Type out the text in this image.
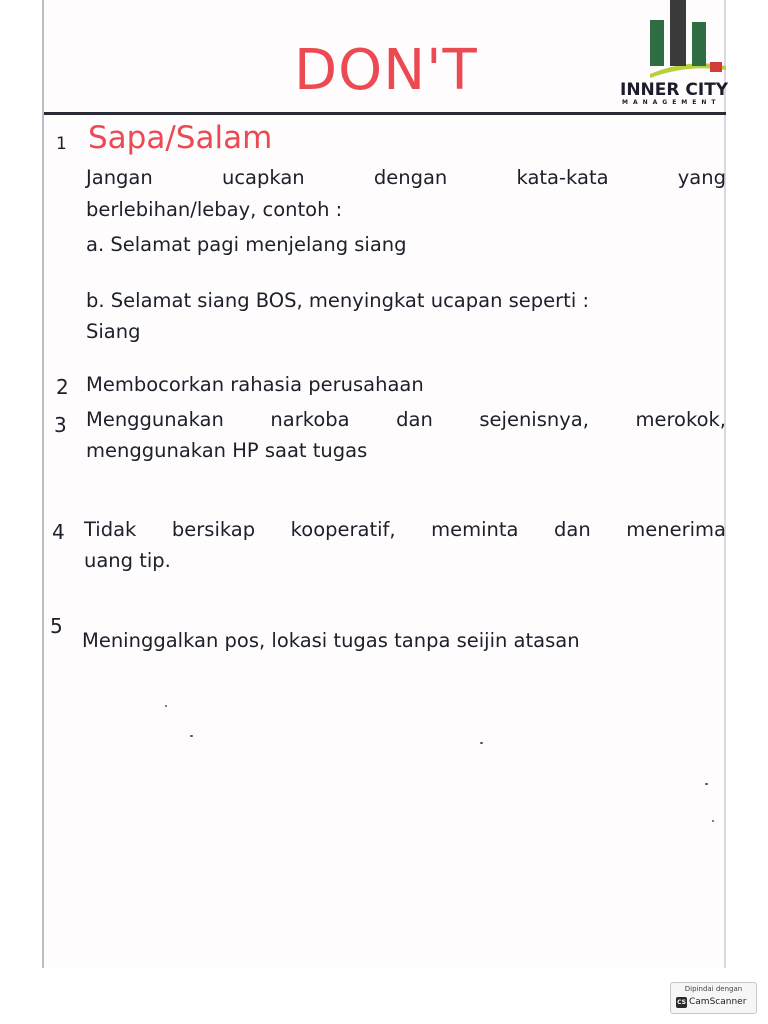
DON'T	INNER CITY
MANAGEMENT
1 Sapa/Salam
Jangan ucapkan dengan kata-kata yang
berlebihan/lebay, contoh :
a. Selamat pagi menjelang siang
b. Selamat siang BOS, menyingkat ucapan seperti :
Siang
2 Membocorkan rahasia perusahaan
3 Menggunakan narkoba dan sejenisnya, merokok,
menggunakan HP saat tugas
4 Tidak bersikap kooperatif, meminta dan menerima
uang tip.
5
Meninggalkan pos, lokasi tugas tanpa seijin atasan
Dipindai dengan
CS CamScanner
